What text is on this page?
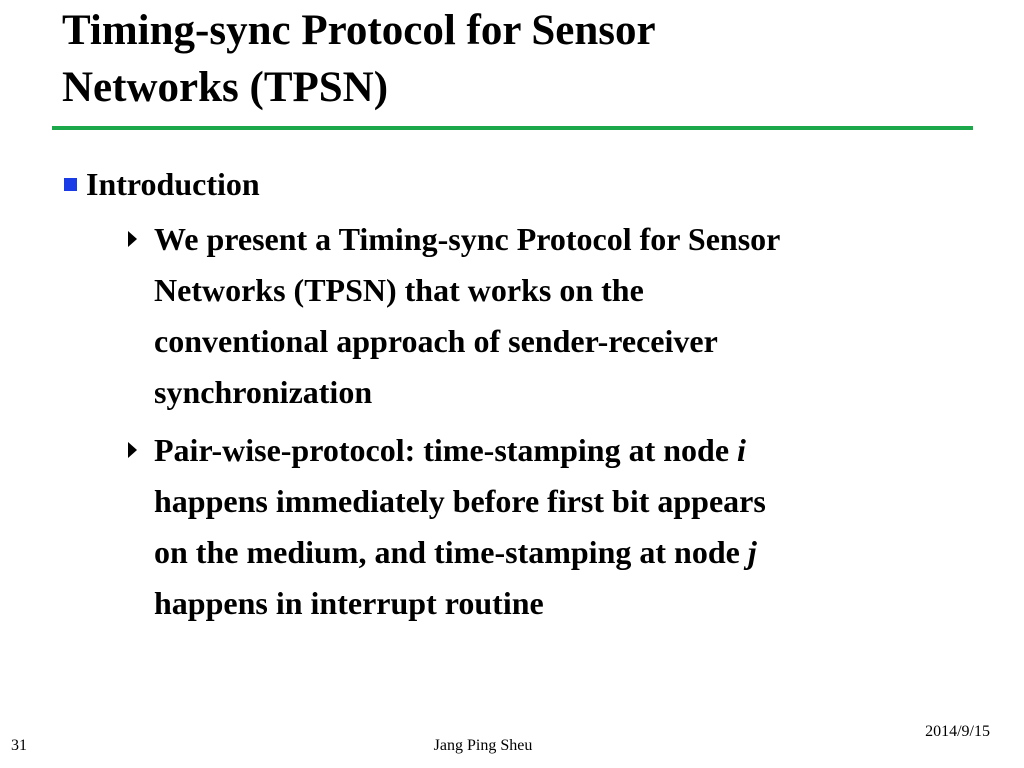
Timing-sync Protocol for Sensor
Networks (TPSN)
Introduction
We present a Timing-sync Protocol for Sensor
Networks (TPSN) that works on the
conventional approach of sender-receiver
synchronization
Pair-wise-protocol: time-stamping at node i
happens immediately before first bit appears
on the medium, and time-stamping at node j
happens in interrupt routine
31	Jang Ping Sheu
2014/9/15
